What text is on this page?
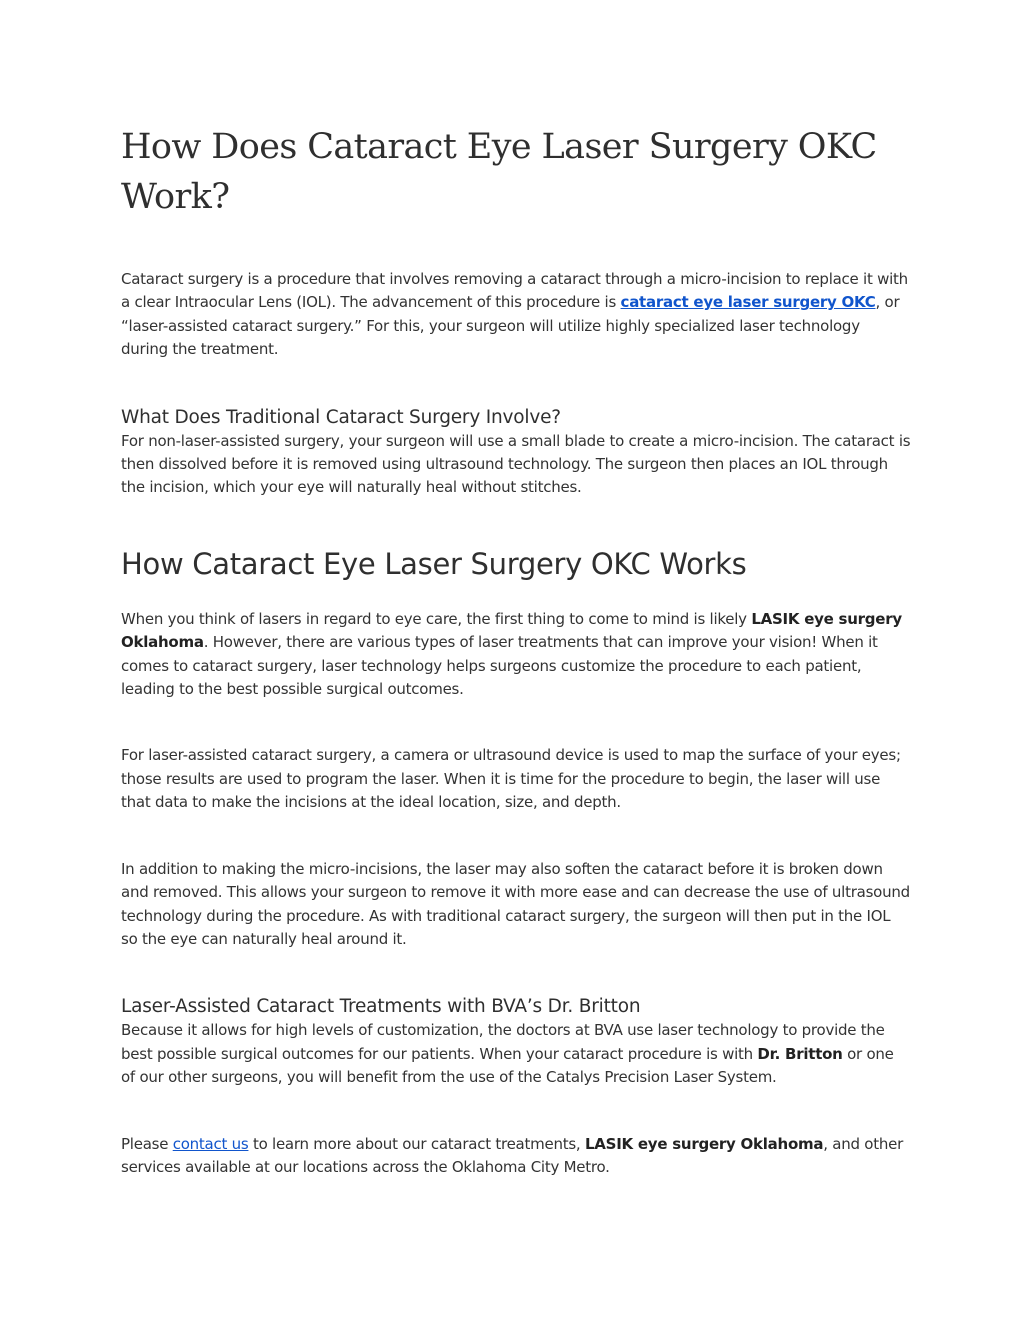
How Does Cataract Eye Laser Surgery OKC Work?

Cataract surgery is a procedure that involves removing a cataract through a micro-incision to replace it with a clear Intraocular Lens (IOL). The advancement of this procedure is cataract eye laser surgery OKC, or “laser-assisted cataract surgery.” For this, your surgeon will utilize highly specialized laser technology during the treatment.

What Does Traditional Cataract Surgery Involve?

For non-laser-assisted surgery, your surgeon will use a small blade to create a micro-incision. The cataract is then dissolved before it is removed using ultrasound technology. The surgeon then places an IOL through the incision, which your eye will naturally heal without stitches.

How Cataract Eye Laser Surgery OKC Works

When you think of lasers in regard to eye care, the first thing to come to mind is likely LASIK eye surgery Oklahoma. However, there are various types of laser treatments that can improve your vision! When it comes to cataract surgery, laser technology helps surgeons customize the procedure to each patient, leading to the best possible surgical outcomes.

For laser-assisted cataract surgery, a camera or ultrasound device is used to map the surface of your eyes; those results are used to program the laser. When it is time for the procedure to begin, the laser will use that data to make the incisions at the ideal location, size, and depth.

In addition to making the micro-incisions, the laser may also soften the cataract before it is broken down and removed. This allows your surgeon to remove it with more ease and can decrease the use of ultrasound technology during the procedure. As with traditional cataract surgery, the surgeon will then put in the IOL so the eye can naturally heal around it.

Laser-Assisted Cataract Treatments with BVA’s Dr. Britton

Because it allows for high levels of customization, the doctors at BVA use laser technology to provide the best possible surgical outcomes for our patients. When your cataract procedure is with Dr. Britton or one of our other surgeons, you will benefit from the use of the Catalys Precision Laser System.

Please contact us to learn more about our cataract treatments, LASIK eye surgery Oklahoma, and other services available at our locations across the Oklahoma City Metro.
